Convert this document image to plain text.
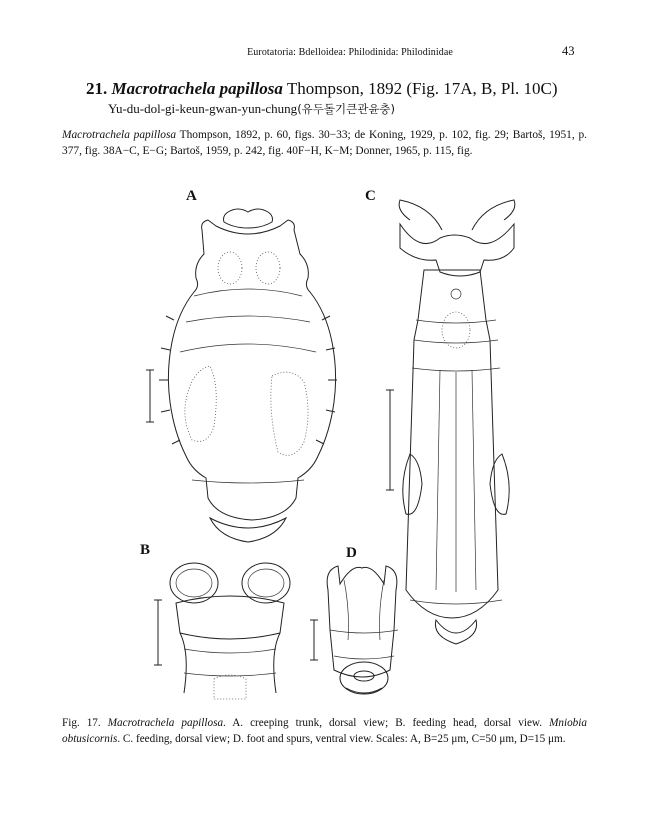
Eurotatoria: Bdelloidea: Philodinida: Philodinidae	43
21. Macrotrachela papillosa Thompson, 1892 (Fig. 17A, B, Pl. 10C)
Yu-du-dol-gi-keun-gwan-yun-chung(유두돌기큰관윤충)
Macrotrachela papillosa Thompson, 1892, p. 60, figs. 30−33; de Koning, 1929, p. 102, fig. 29; Bartoš, 1951, p. 377, fig. 38A−C, E−G; Bartoš, 1959, p. 242, fig. 40F−H, K−M; Donner, 1965, p. 115, fig.
A
B
C
D
Fig. 17. Macrotrachela papillosa. A. creeping trunk, dorsal view; B. feeding head, dorsal view. Mniobia obtusicornis. C. feeding, dorsal view; D. foot and spurs, ventral view. Scales: A, B=25 μm, C=50 μm, D=15 μm.
